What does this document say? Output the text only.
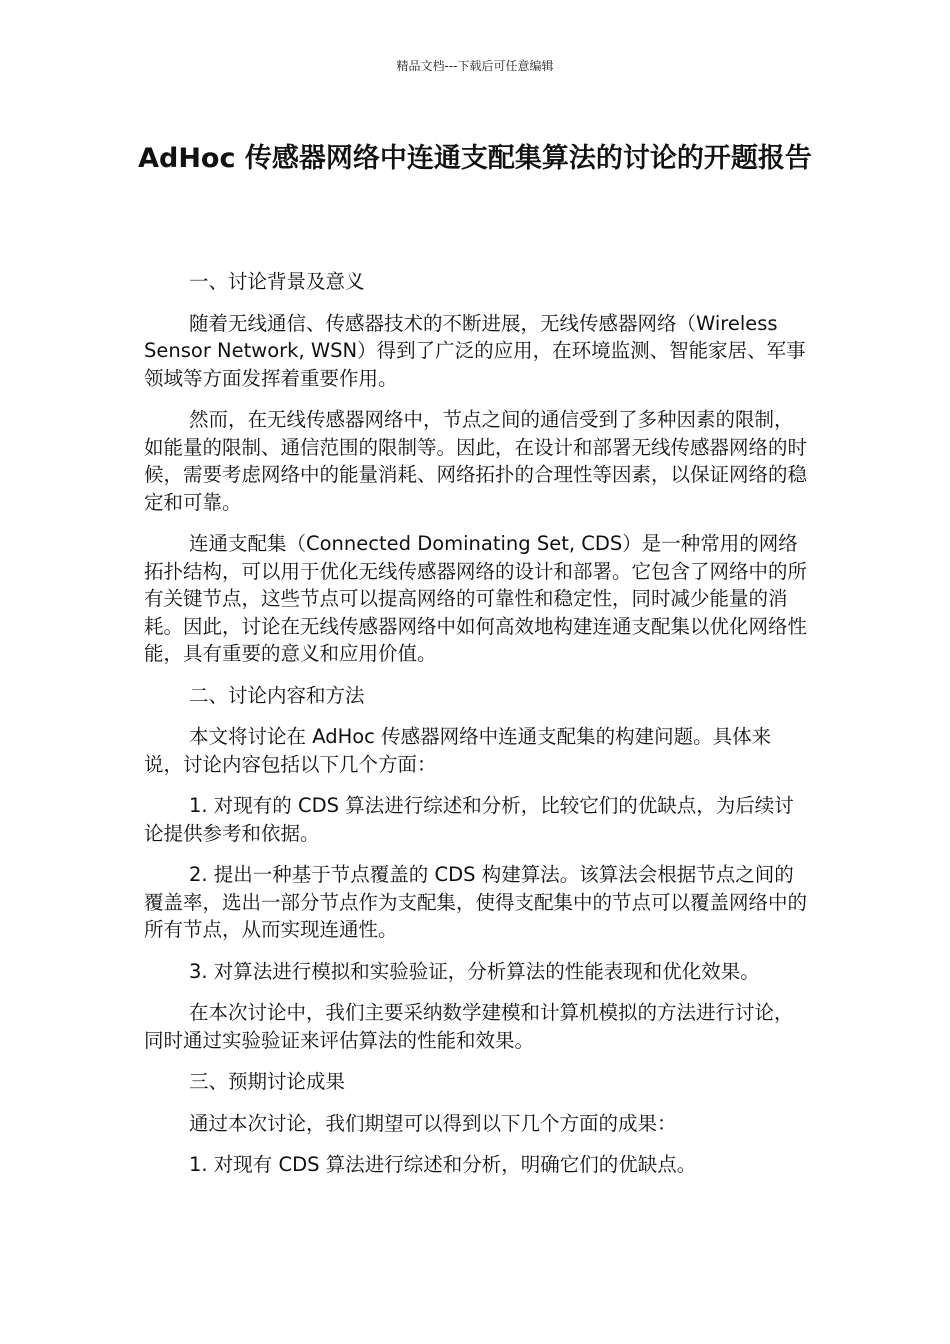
精品文档---下载后可任意编辑
AdHoc 传感器网络中连通支配集算法的讨论的开题报告

一、讨论背景及意义

随着无线通信、传感器技术的不断进展，无线传感器网络（Wireless Sensor Network, WSN）得到了广泛的应用，在环境监测、智能家居、军事领域等方面发挥着重要作用。

然而，在无线传感器网络中，节点之间的通信受到了多种因素的限制，如能量的限制、通信范围的限制等。因此，在设计和部署无线传感器网络的时候，需要考虑网络中的能量消耗、网络拓扑的合理性等因素，以保证网络的稳定和可靠。

连通支配集（Connected Dominating Set, CDS）是一种常用的网络拓扑结构，可以用于优化无线传感器网络的设计和部署。它包含了网络中的所有关键节点，这些节点可以提高网络的可靠性和稳定性，同时减少能量的消耗。因此，讨论在无线传感器网络中如何高效地构建连通支配集以优化网络性能，具有重要的意义和应用价值。

二、讨论内容和方法

本文将讨论在 AdHoc 传感器网络中连通支配集的构建问题。具体来说，讨论内容包括以下几个方面：

1. 对现有的 CDS 算法进行综述和分析，比较它们的优缺点，为后续讨论提供参考和依据。

2. 提出一种基于节点覆盖的 CDS 构建算法。该算法会根据节点之间的覆盖率，选出一部分节点作为支配集，使得支配集中的节点可以覆盖网络中的所有节点，从而实现连通性。

3. 对算法进行模拟和实验验证，分析算法的性能表现和优化效果。

在本次讨论中，我们主要采纳数学建模和计算机模拟的方法进行讨论，同时通过实验验证来评估算法的性能和效果。

三、预期讨论成果

通过本次讨论，我们期望可以得到以下几个方面的成果：

1. 对现有 CDS 算法进行综述和分析，明确它们的优缺点。
